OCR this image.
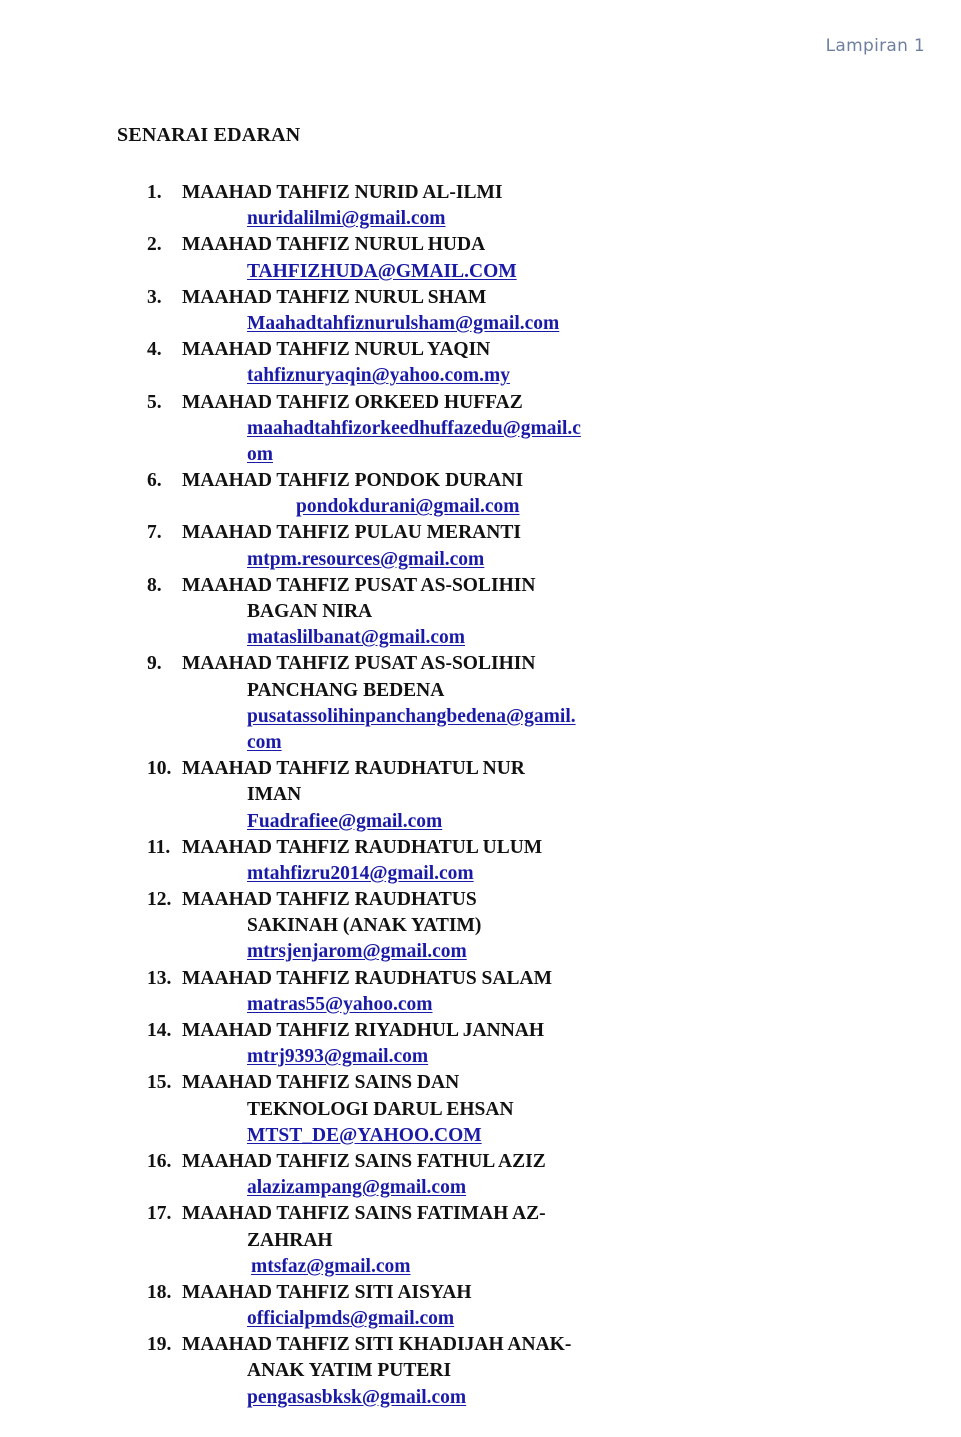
Lampiran 1
SENARAI EDARAN
1. MAAHAD TAHFIZ NURID AL-ILMI
nuridalilmi@gmail.com
2. MAAHAD TAHFIZ NURUL HUDA
TAHFIZHUDA@GMAIL.COM
3. MAAHAD TAHFIZ NURUL SHAM
Maahadtahfiznurulsham@gmail.com
4. MAAHAD TAHFIZ NURUL YAQIN
tahfiznuryaqin@yahoo.com.my
5. MAAHAD TAHFIZ ORKEED HUFFAZ
maahadtahfizorkeedhuffazedu@gmail.c
om
6. MAAHAD TAHFIZ PONDOK DURANI
pondokdurani@gmail.com
7. MAAHAD TAHFIZ PULAU MERANTI
mtpm.resources@gmail.com
8. MAAHAD TAHFIZ PUSAT AS-SOLIHIN
BAGAN NIRA
mataslilbanat@gmail.com
9. MAAHAD TAHFIZ PUSAT AS-SOLIHIN
PANCHANG BEDENA
pusatassolihinpanchangbedena@gamil.
com
10. MAAHAD TAHFIZ RAUDHATUL NUR
IMAN
Fuadrafiee@gmail.com
11. MAAHAD TAHFIZ RAUDHATUL ULUM
mtahfizru2014@gmail.com
12. MAAHAD TAHFIZ RAUDHATUS
SAKINAH (ANAK YATIM)
mtrsjenjarom@gmail.com
13. MAAHAD TAHFIZ RAUDHATUS SALAM
matras55@yahoo.com
14. MAAHAD TAHFIZ RIYADHUL JANNAH
mtrj9393@gmail.com
15. MAAHAD TAHFIZ SAINS DAN
TEKNOLOGI DARUL EHSAN
MTST_DE@YAHOO.COM
16. MAAHAD TAHFIZ SAINS FATHUL AZIZ
alazizampang@gmail.com
17. MAAHAD TAHFIZ SAINS FATIMAH AZ-
ZAHRAH
mtsfaz@gmail.com
18. MAAHAD TAHFIZ SITI AISYAH
officialpmds@gmail.com
19. MAAHAD TAHFIZ SITI KHADIJAH ANAK-
ANAK YATIM PUTERI
pengasasbksk@gmail.com
